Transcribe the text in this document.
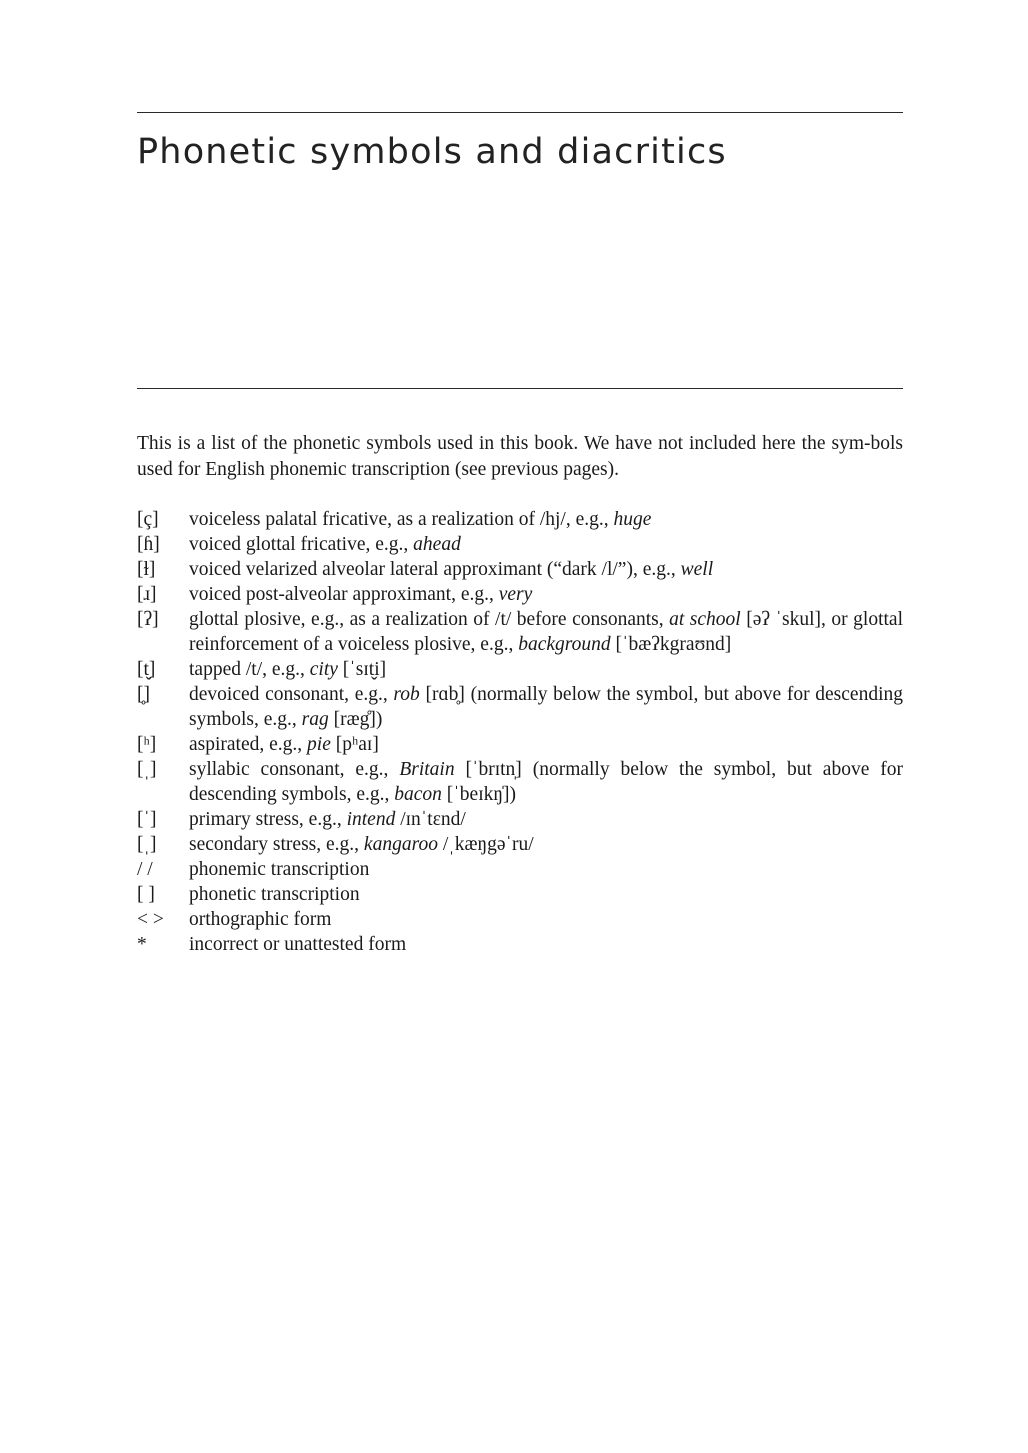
Phonetic symbols and diacritics

This is a list of the phonetic symbols used in this book. We have not included here the sym-bols used for English phonemic transcription (see previous pages).

[ç]	voiceless palatal fricative, as a realization of /hj/, e.g., huge
[ɦ]	voiced glottal fricative, e.g., ahead
[ɫ]	voiced velarized alveolar lateral approximant (“dark /l/”), e.g., well
[ɹ]	voiced post-alveolar approximant, e.g., very
[ʔ]	glottal plosive, e.g., as a realization of /t/ before consonants, at school [əʔ ˈskul], or glottal reinforcement of a voiceless plosive, e.g., background [ˈbæʔkgraʊnd]
[t̬]	tapped /t/, e.g., city [ˈsɪt̬i]
[̥]	devoiced consonant, e.g., rob [rɑb̥] (normally below the symbol, but above for descending symbols, e.g., rag [ræg̊])
[ʰ]	aspirated, e.g., pie [pʰaɪ]
[ˌ]	syllabic consonant, e.g., Britain [ˈbrɪtn̩] (normally below the symbol, but above for descending symbols, e.g., bacon [ˈbeɪkŋ̍])
[ˈ]	primary stress, e.g., intend /ɪnˈtɛnd/
[ˌ]	secondary stress, e.g., kangaroo /ˌkæŋgəˈru/
/ /	phonemic transcription
[ ]	phonetic transcription
< >	orthographic form
*	incorrect or unattested form
